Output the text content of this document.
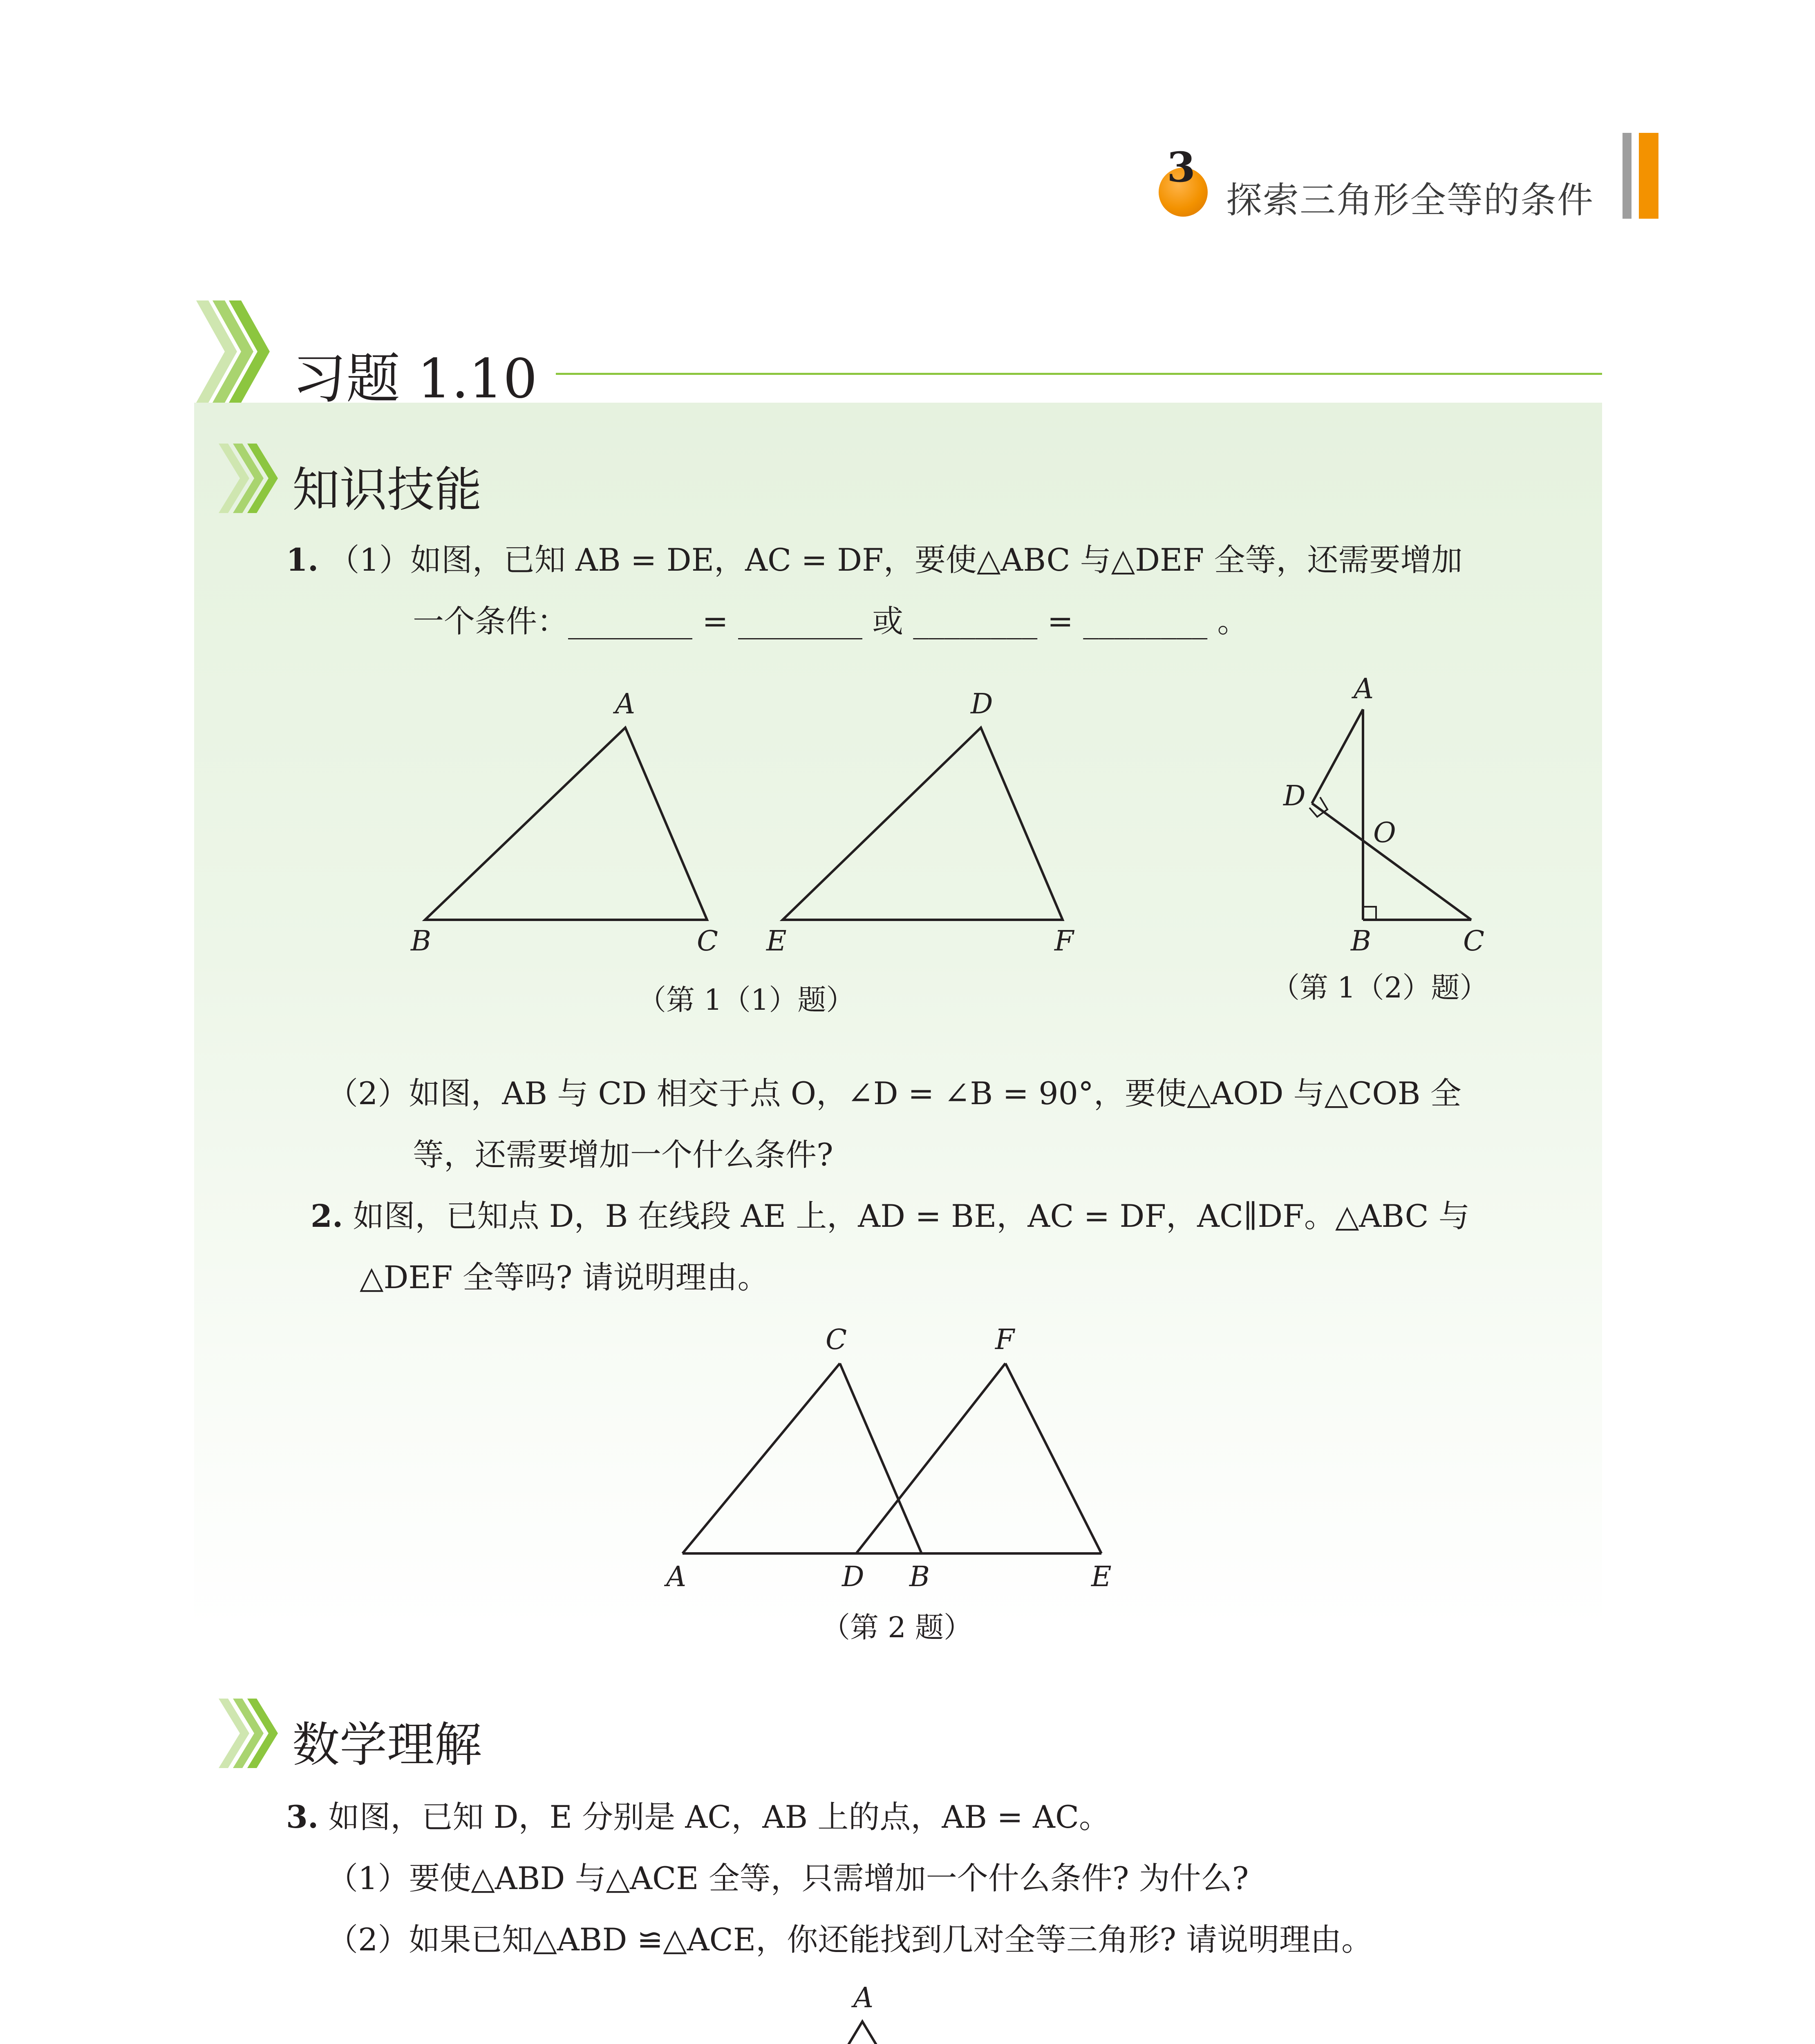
3
探索三角形全等的条件
习题 1.10
知识技能
1. （1）如图，已知 AB = DE，AC = DF，要使△ABC 与△DEF 全等，还需要增加
一个条件：________ = ________ 或 ________ = ________ 。
A
B	C
D
E	F
（第 1（1）题）
A
D
O
B	C
（第 1（2）题）
（2）如图，AB 与 CD 相交于点 O，∠D = ∠B = 90°，要使△AOD 与△COB 全
等，还需要增加一个什么条件?
2. 如图，已知点 D，B 在线段 AE 上，AD = BE，AC = DF，AC∥DF。△ABC 与
△DEF 全等吗? 请说明理由。
C	F
A	D B	E
（第 2 题）
数学理解
3. 如图，已知 D，E 分别是 AC，AB 上的点，AB = AC。
（1）要使△ABD 与△ACE 全等，只需增加一个什么条件? 为什么?
（2）如果已知△ABD ≌△ACE，你还能找到几对全等三角形? 请说明理由。
A
